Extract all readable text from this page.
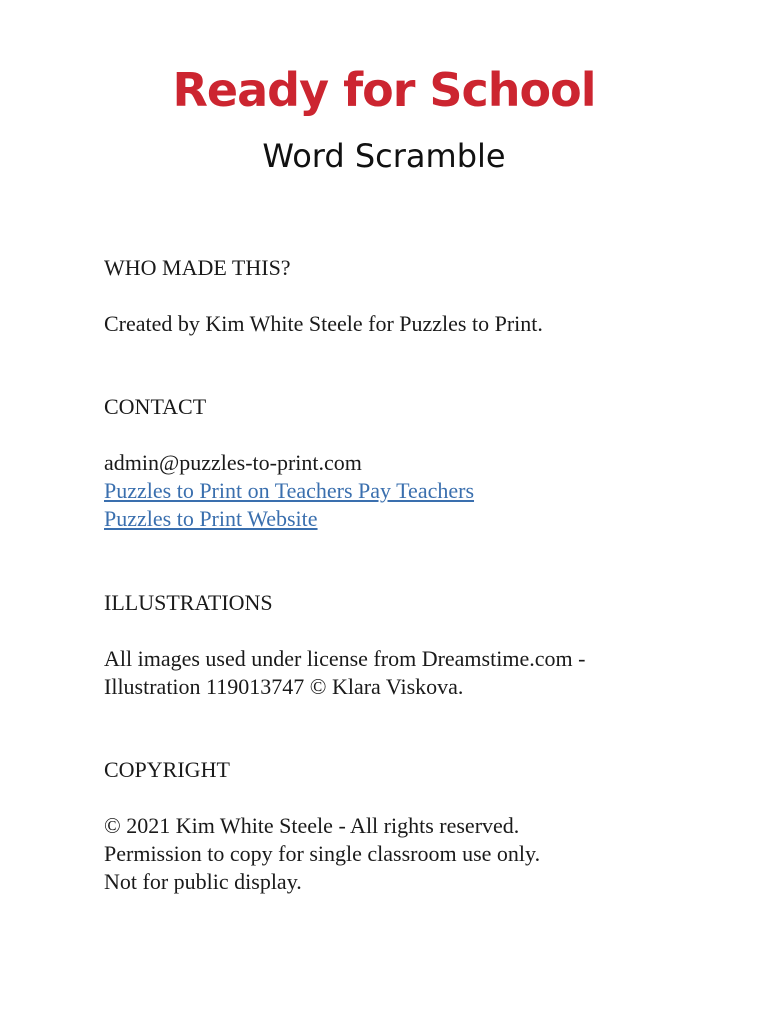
Ready for School
Word Scramble

WHO MADE THIS?

Created by Kim White Steele for Puzzles to Print.

CONTACT

admin@puzzles-to-print.com

Puzzles to Print on Teachers Pay Teachers

Puzzles to Print Website

ILLUSTRATIONS

All images used under license from Dreamstime.com -

Illustration 119013747 © Klara Viskova.

COPYRIGHT

© 2021 Kim White Steele - All rights reserved.

Permission to copy for single classroom use only.

Not for public display.
